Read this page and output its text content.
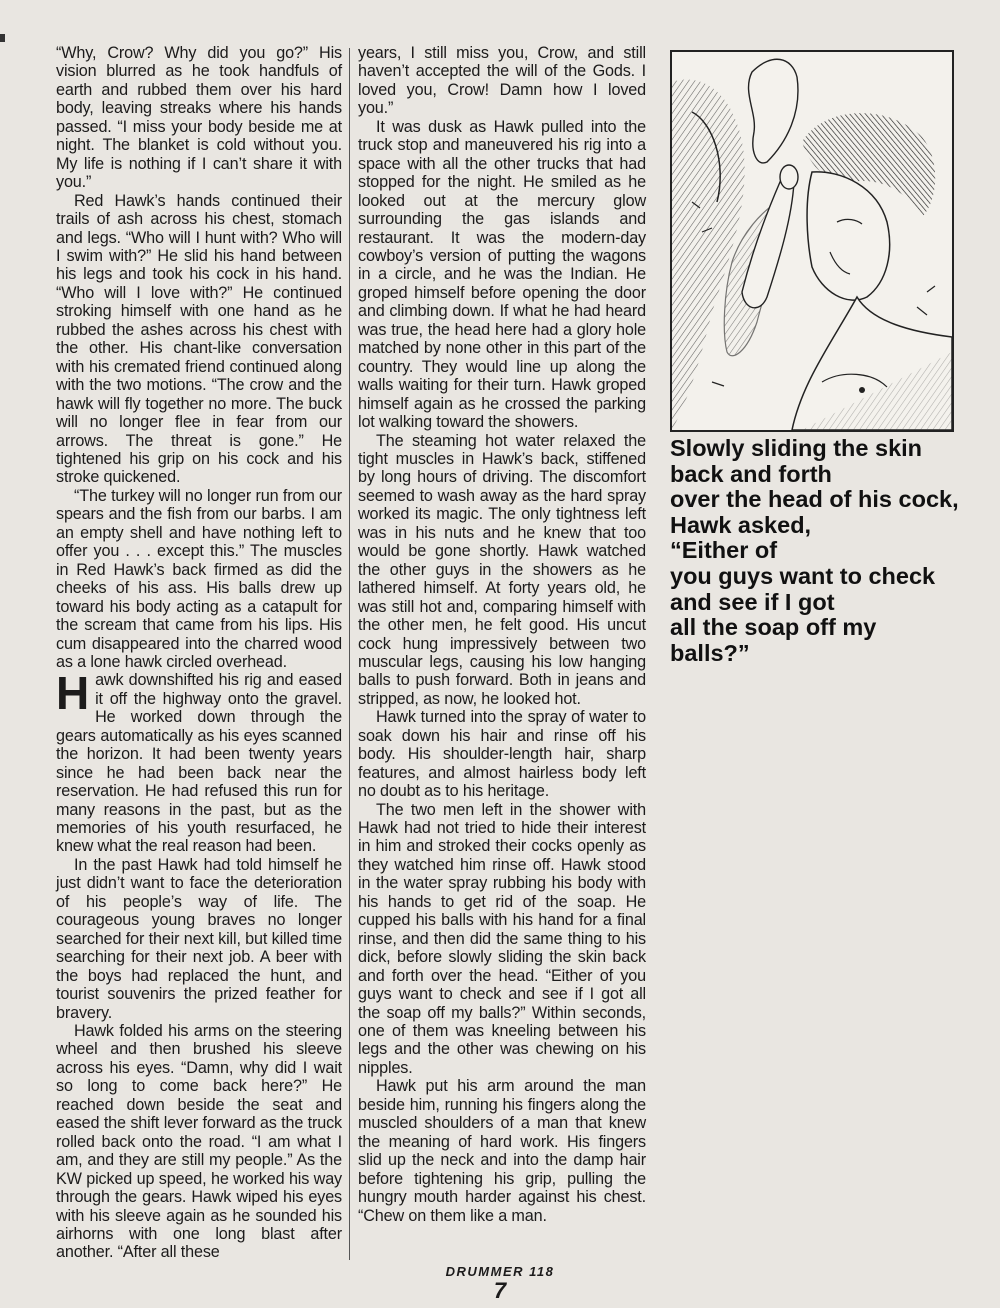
“Why, Crow? Why did you go?” His vision blurred as he took handfuls of earth and rubbed them over his hard body, leaving streaks where his hands passed. “I miss your body beside me at night. The blanket is cold without you. My life is nothing if I can’t share it with you.”

Red Hawk’s hands continued their trails of ash across his chest, stomach and legs. “Who will I hunt with? Who will I swim with?” He slid his hand between his legs and took his cock in his hand. “Who will I love with?” He continued stroking himself with one hand as he rubbed the ashes across his chest with the other. His chant-like conversation with his cremated friend continued along with the two motions. “The crow and the hawk will fly together no more. The buck will no longer flee in fear from our arrows. The threat is gone.” He tightened his grip on his cock and his stroke quickened.

“The turkey will no longer run from our spears and the fish from our barbs. I am an empty shell and have nothing left to offer you . . . except this.” The muscles in Red Hawk’s back firmed as did the cheeks of his ass. His balls drew up toward his body acting as a catapult for the scream that came from his lips. His cum disappeared into the charred wood as a lone hawk circled overhead.

Hawk downshifted his rig and eased it off the highway onto the gravel. He worked down through the gears automatically as his eyes scanned the horizon. It had been twenty years since he had been back near the reservation. He had refused this run for many reasons in the past, but as the memories of his youth resurfaced, he knew what the real reason had been.

In the past Hawk had told himself he just didn’t want to face the deterioration of his people’s way of life. The courageous young braves no longer searched for their next kill, but killed time searching for their next job. A beer with the boys had replaced the hunt, and tourist souvenirs the prized feather for bravery.

Hawk folded his arms on the steering wheel and then brushed his sleeve across his eyes. “Damn, why did I wait so long to come back here?” He reached down beside the seat and eased the shift lever forward as the truck rolled back onto the road. “I am what I am, and they are still my people.” As the KW picked up speed, he worked his way through the gears. Hawk wiped his eyes with his sleeve again as he sounded his airhorns with one long blast after another. “After all these

years, I still miss you, Crow, and still haven’t accepted the will of the Gods. I loved you, Crow! Damn how I loved you.”

It was dusk as Hawk pulled into the truck stop and maneuvered his rig into a space with all the other trucks that had stopped for the night. He smiled as he looked out at the mercury glow surrounding the gas islands and restaurant. It was the modern-day cowboy’s version of putting the wagons in a circle, and he was the Indian. He groped himself before opening the door and climbing down. If what he had heard was true, the head here had a glory hole matched by none other in this part of the country. They would line up along the walls waiting for their turn. Hawk groped himself again as he crossed the parking lot walking toward the showers.

The steaming hot water relaxed the tight muscles in Hawk’s back, stiffened by long hours of driving. The discomfort seemed to wash away as the hard spray worked its magic. The only tightness left was in his nuts and he knew that too would be gone shortly. Hawk watched the other guys in the showers as he lathered himself. At forty years old, he was still hot and, comparing himself with the other men, he felt good. His uncut cock hung impressively between two muscular legs, causing his low hanging balls to push forward. Both in jeans and stripped, as now, he looked hot.

Hawk turned into the spray of water to soak down his hair and rinse off his body. His shoulder-length hair, sharp features, and almost hairless body left no doubt as to his heritage.

The two men left in the shower with Hawk had not tried to hide their interest in him and stroked their cocks openly as they watched him rinse off. Hawk stood in the water spray rubbing his body with his hands to get rid of the soap. He cupped his balls with his hand for a final rinse, and then did the same thing to his dick, before slowly sliding the skin back and forth over the head. “Either of you guys want to check and see if I got all the soap off my balls?” Within seconds, one of them was kneeling between his legs and the other was chewing on his nipples.

Hawk put his arm around the man beside him, running his fingers along the muscled shoulders of a man that knew the meaning of hard work. His fingers slid up the neck and into the damp hair before tightening his grip, pulling the hungry mouth harder against his chest. “Chew on them like a man.

Slowly sliding the skin
back and forth
over the head of his cock,
Hawk asked,
“Either of
you guys want to check
and see if I got
all the soap off my
balls?”
DRUMMER 118
7
